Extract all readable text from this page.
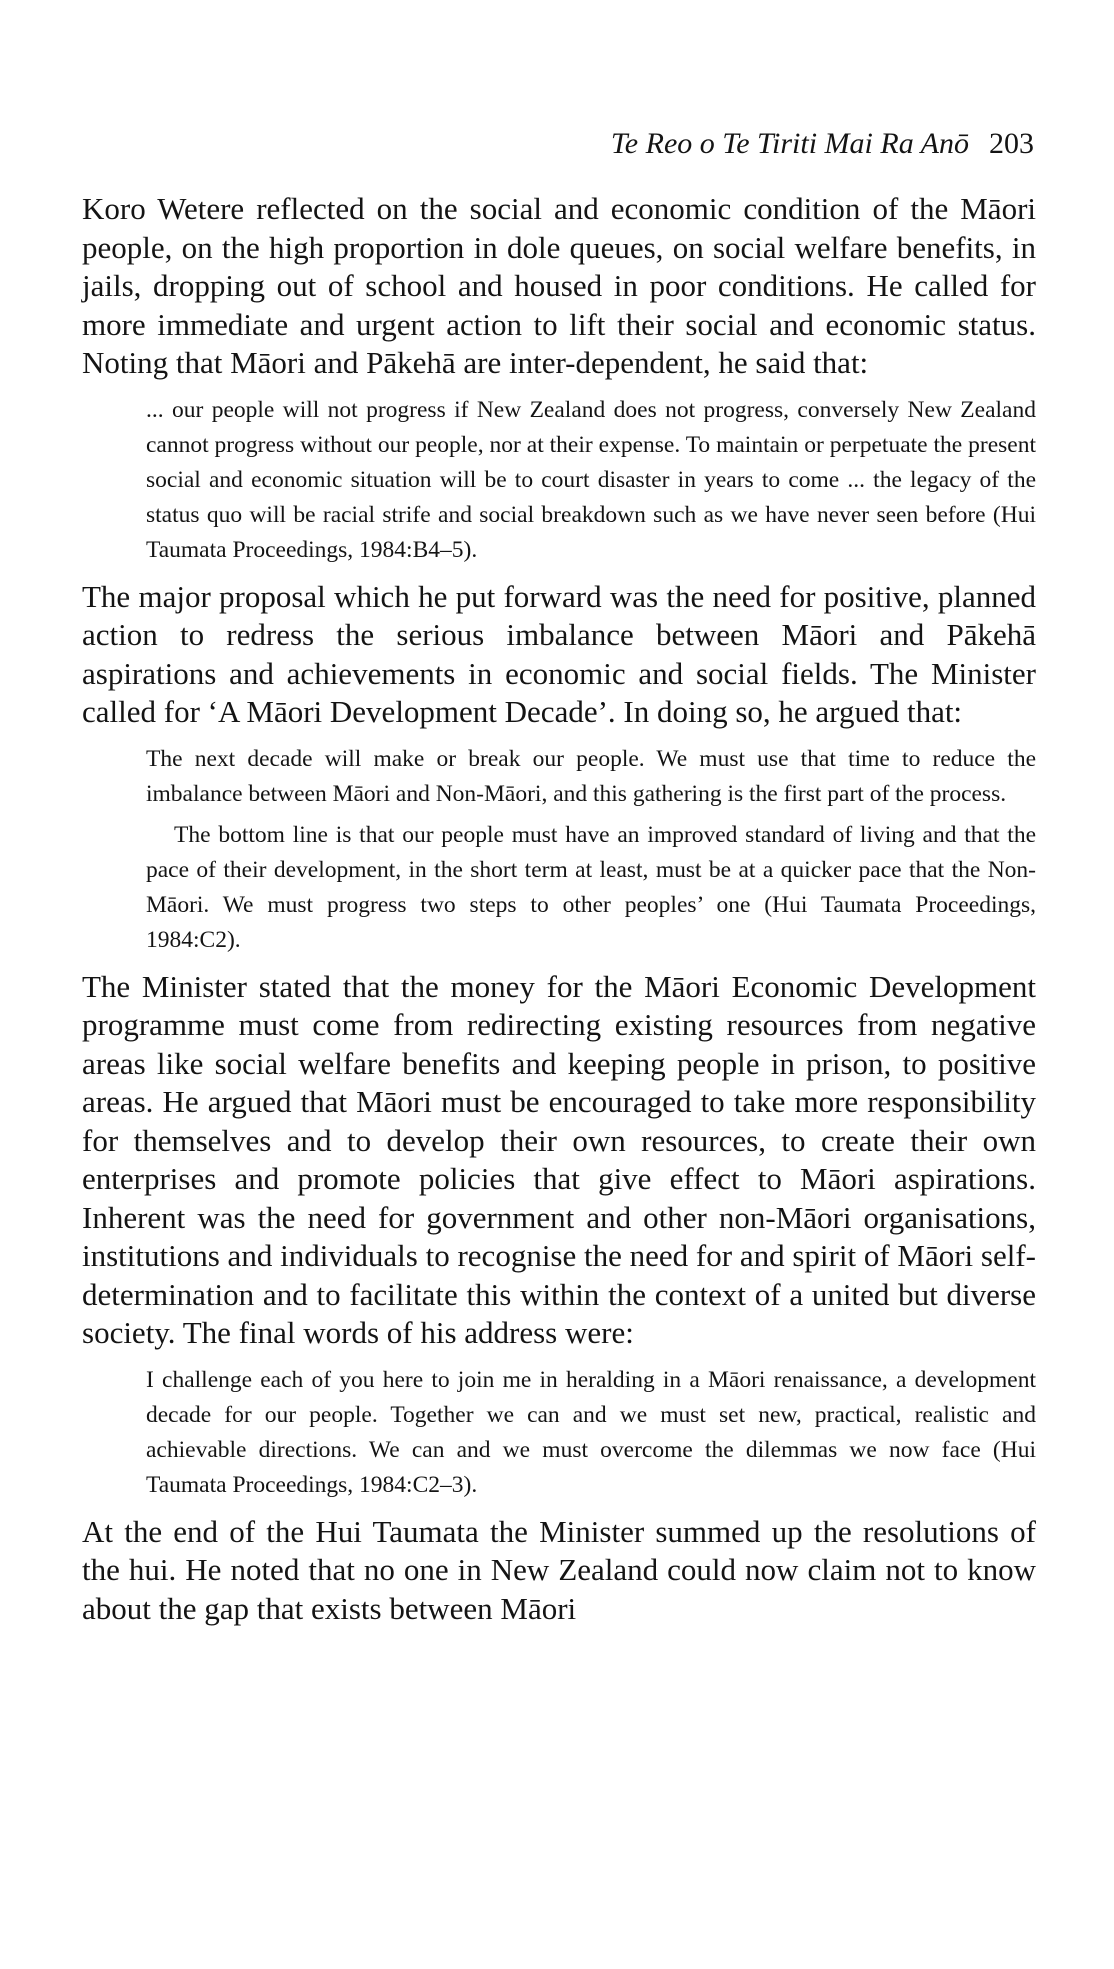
Te Reo o Te Tiriti Mai Ra Anō 203

Koro Wetere reflected on the social and economic condition of the Māori people, on the high proportion in dole queues, on social welfare benefits, in jails, dropping out of school and housed in poor conditions. He called for more immediate and urgent action to lift their social and economic status. Noting that Māori and Pākehā are inter-dependent, he said that:

... our people will not progress if New Zealand does not progress, conversely New Zealand cannot progress without our people, nor at their expense. To maintain or perpetuate the present social and economic situation will be to court disaster in years to come ... the legacy of the status quo will be racial strife and social breakdown such as we have never seen before (Hui Taumata Proceedings, 1984:B4–5).

The major proposal which he put forward was the need for positive, planned action to redress the serious imbalance between Māori and Pākehā aspirations and achievements in economic and social fields. The Minister called for ‘A Māori Development Decade’. In doing so, he argued that:

The next decade will make or break our people. We must use that time to reduce the imbalance between Māori and Non-Māori, and this gathering is the first part of the process.

The bottom line is that our people must have an improved standard of living and that the pace of their development, in the short term at least, must be at a quicker pace that the Non-Māori. We must progress two steps to other peoples’ one (Hui Taumata Proceedings, 1984:C2).

The Minister stated that the money for the Māori Economic Development programme must come from redirecting existing resources from negative areas like social welfare benefits and keeping people in prison, to positive areas. He argued that Māori must be encouraged to take more responsibility for themselves and to develop their own resources, to create their own enterprises and promote policies that give effect to Māori aspirations. Inherent was the need for government and other non-Māori organisations, institutions and individuals to recognise the need for and spirit of Māori self-determination and to facilitate this within the context of a united but diverse society. The final words of his address were:

I challenge each of you here to join me in heralding in a Māori renaissance, a development decade for our people. Together we can and we must set new, practical, realistic and achievable directions. We can and we must overcome the dilemmas we now face (Hui Taumata Proceedings, 1984:C2–3).

At the end of the Hui Taumata the Minister summed up the resolutions of the hui. He noted that no one in New Zealand could now claim not to know about the gap that exists between Māori
